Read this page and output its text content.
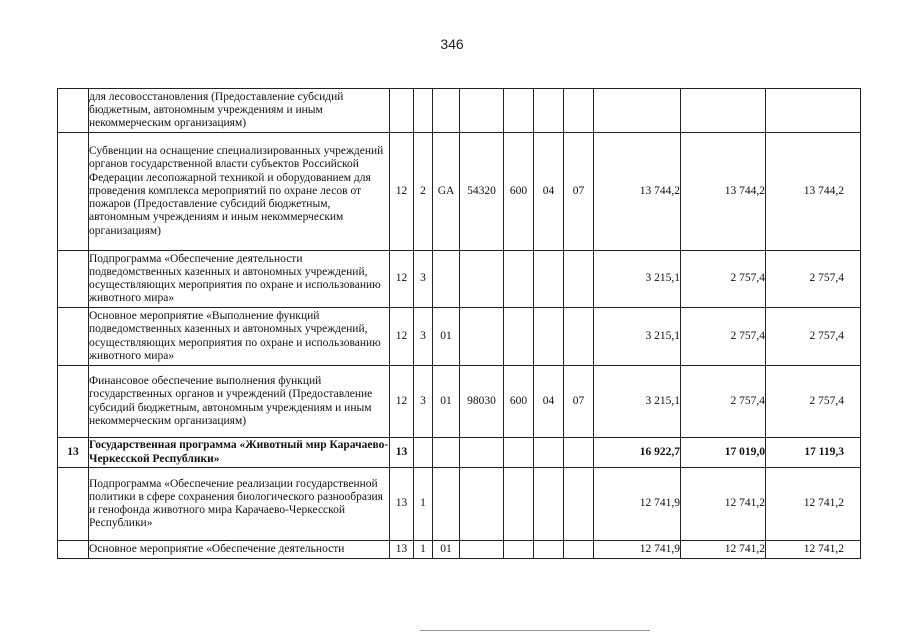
346
	для лесовосстановления (Предоставление субсидий бюджетным, автономным учреждениям и иным некоммерческим организациям)										
	Субвенции на оснащение специализированных учреждений органов государственной власти субъектов Российской Федерации лесопожарной техникой и оборудованием для проведения комплекса мероприятий по охране лесов от пожаров (Предоставление субсидий бюджетным, автономным учреждениям и иным некоммерческим организациям)	12	2	GA	54320	600	04	07	13 744,2	13 744,2	13 744,2
	Подпрограмма «Обеспечение деятельности подведомственных казенных и автономных учреждений, осуществляющих мероприятия по охране и использованию животного мира»	12	3						3 215,1	2 757,4	2 757,4
	Основное мероприятие «Выполнение функций подведомственных казенных и автономных учреждений, осуществляющих мероприятия по охране и использованию животного мира»	12	3	01					3 215,1	2 757,4	2 757,4
	Финансовое обеспечение выполнения функций государственных органов и учреждений (Предоставление субсидий бюджетным, автономным учреждениям и иным некоммерческим организациям)	12	3	01	98030	600	04	07	3 215,1	2 757,4	2 757,4
13	Государственная программа «Животный мир Карачаево-Черкесской Республики»	13							16 922,7	17 019,0	17 119,3
	Подпрограмма «Обеспечение реализации государственной политики в сфере сохранения биологического разнообразия и генофонда животного мира Карачаево-Черкесской Республики»	13	1						12 741,9	12 741,2	12 741,2
	Основное мероприятие «Обеспечение деятельности	13	1	01					12 741,9	12 741,2	12 741,2
